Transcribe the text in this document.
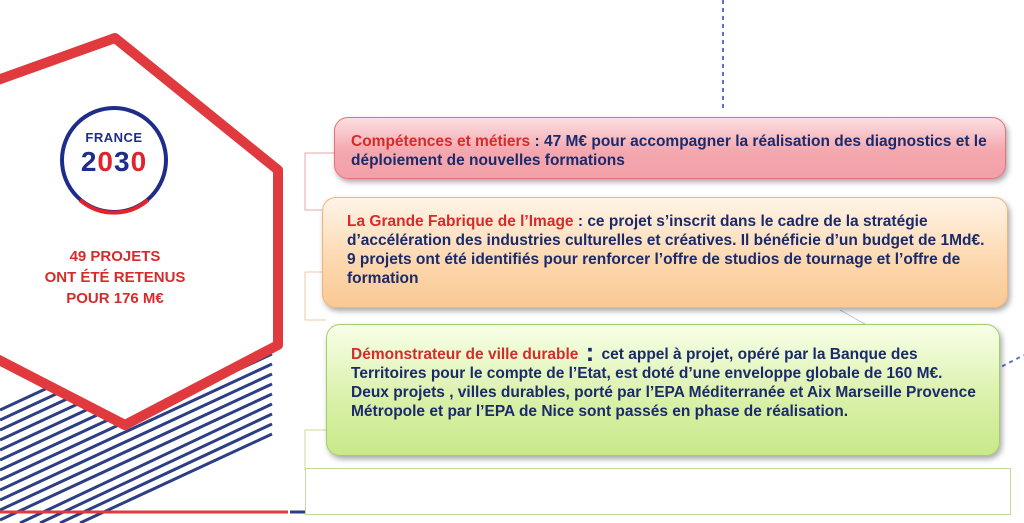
FRANCE
2030
49 PROJETS
ONT ÉTÉ RETENUS
POUR 176 M€
Compétences et métiers : 47 M€ pour accompagner la réalisation des diagnostics et le déploiement de nouvelles formations
La Grande Fabrique de l’Image : ce projet s’inscrit dans le cadre de la stratégie d’accélération des industries culturelles et créatives. Il bénéficie d’un budget de 1Md€. 9 projets ont été identifiés pour renforcer l’offre de studios de tournage et l’offre de formation
Démonstrateur de ville durable : cet appel à projet, opéré par la Banque des Territoires pour le compte de l’Etat, est doté d’une enveloppe globale de 160 M€. Deux projets , villes durables, porté par l’EPA Méditerranée et Aix Marseille Provence Métropole et par l’EPA de Nice sont passés en phase de réalisation.
